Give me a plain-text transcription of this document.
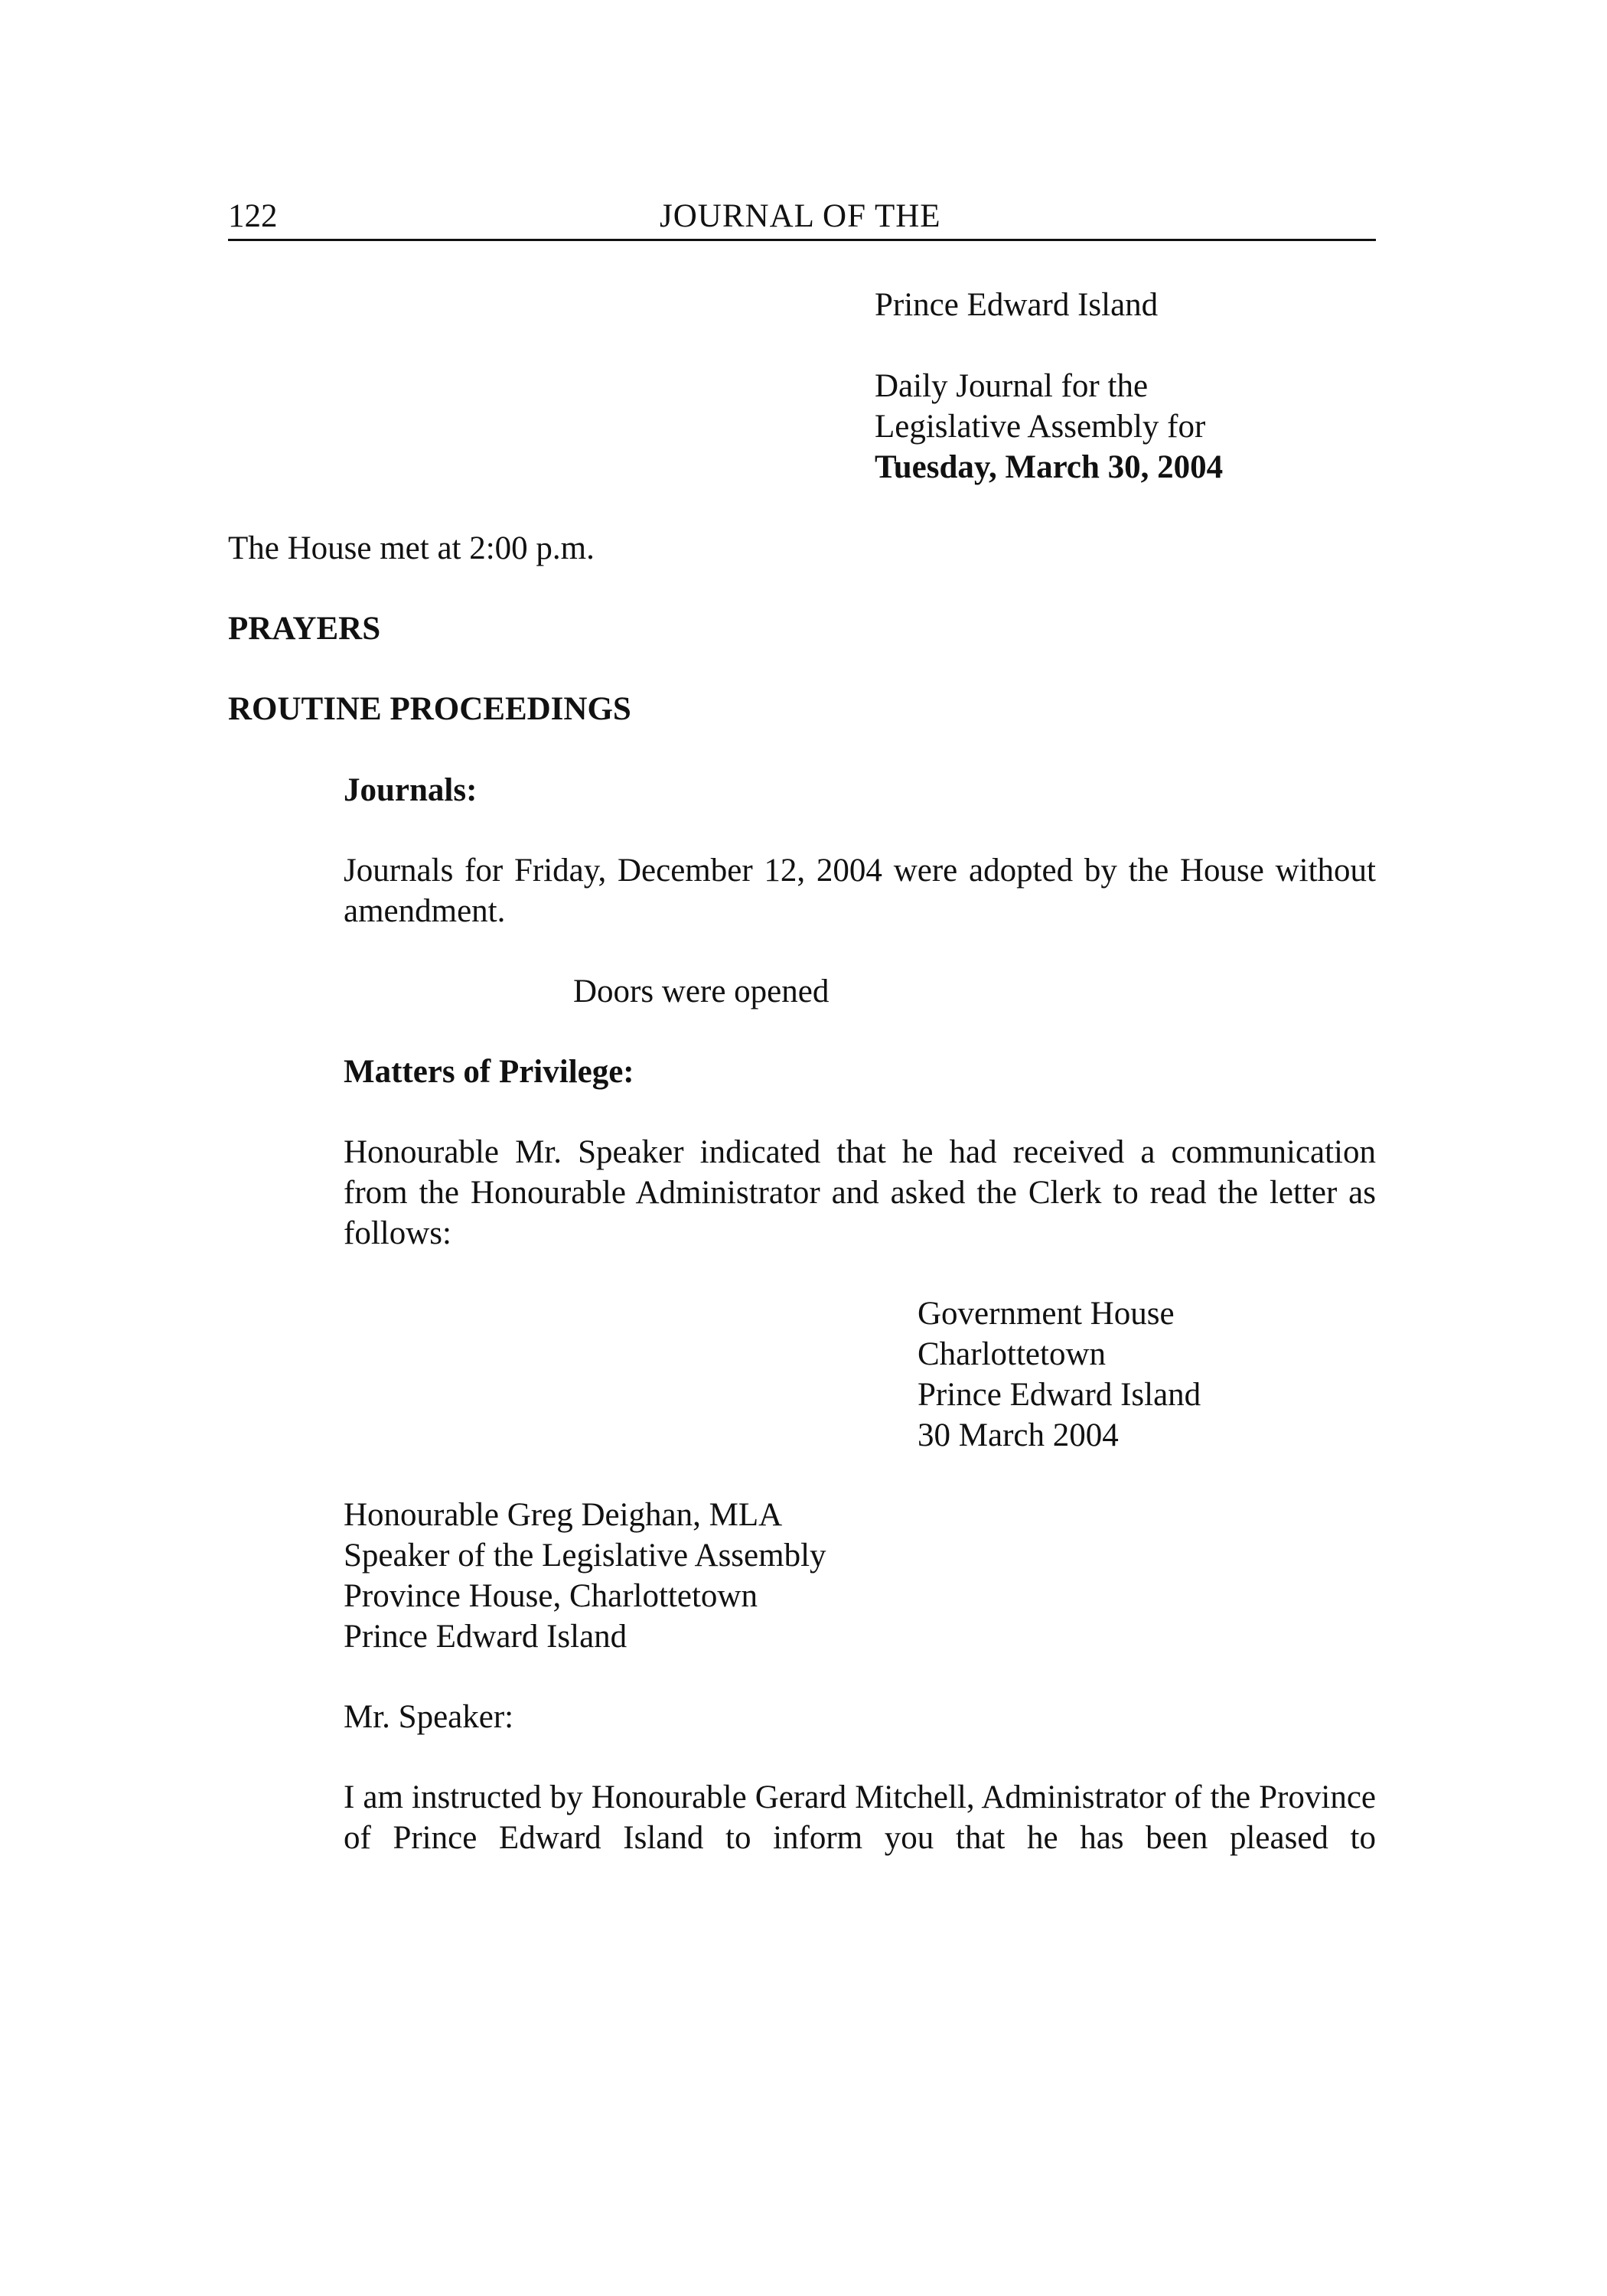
122	JOURNAL OF THE
Prince Edward Island
Daily Journal for the
Legislative Assembly for
Tuesday, March 30, 2004
The House met at 2:00 p.m.
PRAYERS
ROUTINE PROCEEDINGS
Journals:
Journals for Friday, December 12, 2004 were adopted by the House without amendment.
Doors were opened
Matters of Privilege:
Honourable Mr. Speaker indicated that he had received a communication from the Honourable Administrator and asked the Clerk to read the letter as follows:
Government House
Charlottetown
Prince Edward Island
30 March 2004
Honourable Greg Deighan, MLA
Speaker of the Legislative Assembly
Province House, Charlottetown
Prince Edward Island
Mr. Speaker:
I am instructed by Honourable Gerard Mitchell, Administrator of the Province of Prince Edward Island to inform you that he has been pleased to
